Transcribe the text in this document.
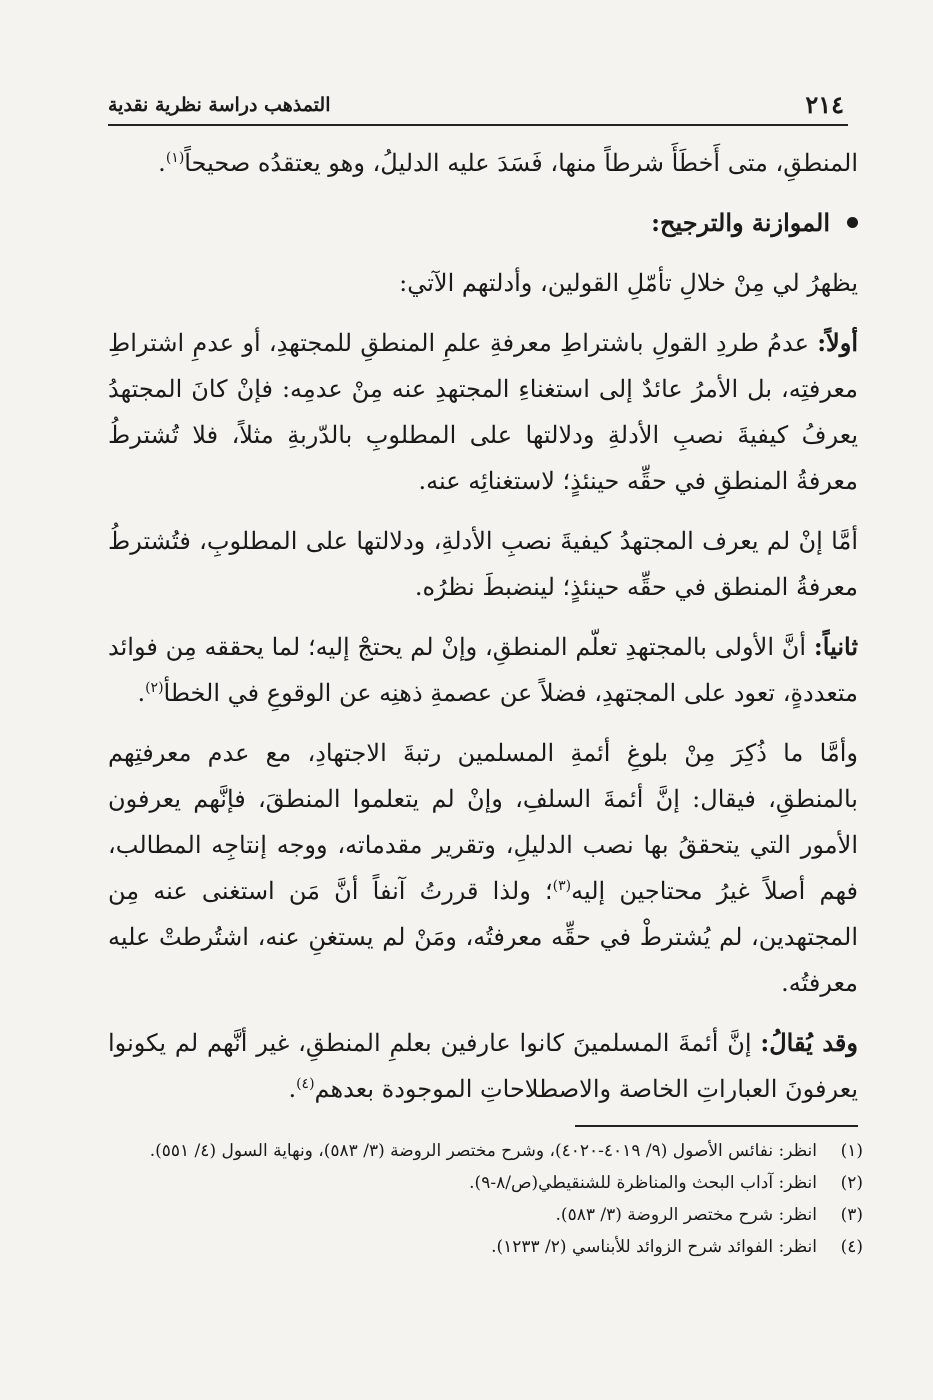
٢١٤
التمذهب دراسة نظرية نقدية

المنطقِ، متى أَخطَأَ شرطاً منها، فَسَدَ عليه الدليلُ، وهو يعتقدُه صحيحاً$^{(١)}$.

الموازنة والترجيح:

يظهرُ لي مِنْ خلالِ تأمّلِ القولين، وأدلتهم الآتي:

أولاً: عدمُ طردِ القولِ باشتراطِ معرفةِ علمِ المنطقِ للمجتهدِ، أو عدمِ اشتراطِ معرفتِه، بل الأمرُ عائدٌ إلى استغناءِ المجتهدِ عنه مِنْ عدمِه: فإنْ كانَ المجتهدُ يعرفُ كيفيةَ نصبِ الأدلةِ ودلالتها على المطلوبِ بالدّربةِ مثلاً، فلا تُشترطُ معرفةُ المنطقِ في حقِّه حينئذٍ؛ لاستغنائِه عنه.

أمَّا إنْ لم يعرف المجتهدُ كيفيةَ نصبِ الأدلةِ، ودلالتها على المطلوبِ، فتُشترطُ معرفةُ المنطق في حقِّه حينئذٍ؛ لينضبطَ نظرُه.

ثانياً: أنَّ الأولى بالمجتهدِ تعلّم المنطقِ، وإنْ لم يحتجْ إليه؛ لما يحققه مِن فوائد متعددةٍ، تعود على المجتهدِ، فضلاً عن عصمةِ ذهنِه عن الوقوعِ في الخطأ$^{(٢)}$.

وأمَّا ما ذُكِرَ مِنْ بلوغِ أئمةِ المسلمين رتبةَ الاجتهادِ، مع عدم معرفتِهم بالمنطقِ، فيقال: إنَّ أئمةَ السلفِ، وإنْ لم يتعلموا المنطقَ، فإنَّهم يعرفون الأمور التي يتحققُ بها نصب الدليلِ، وتقرير مقدماته، ووجه إنتاجِه المطالب، فهم أصلاً غيرُ محتاجين إليه$^{(٣)}$؛ ولذا قررتُ آنفاً أنَّ مَن استغنى عنه مِن المجتهدين، لم يُشترطْ في حقِّه معرفتُه، ومَنْ لم يستغنِ عنه، اشتُرطتْ عليه معرفتُه.

وقد يُقالُ: إنَّ أئمةَ المسلمينَ كانوا عارفين بعلمِ المنطقِ، غير أنَّهم لم يكونوا يعرفونَ العباراتِ الخاصة والاصطلاحاتِ الموجودة بعدهم$^{(٤)}$.

(١)
انظر: نفائس الأصول (٩/ ٤٠١٩-٤٠٢٠)، وشرح مختصر الروضة (٣/ ٥٨٣)، ونهاية السول (٤/ ٥٥١).
(٢)
انظر: آداب البحث والمناظرة للشنقيطي(ص/٨-٩).
(٣)
انظر: شرح مختصر الروضة (٣/ ٥٨٣).
(٤)
انظر: الفوائد شرح الزوائد للأبناسي (٢/ ١٢٣٣).
